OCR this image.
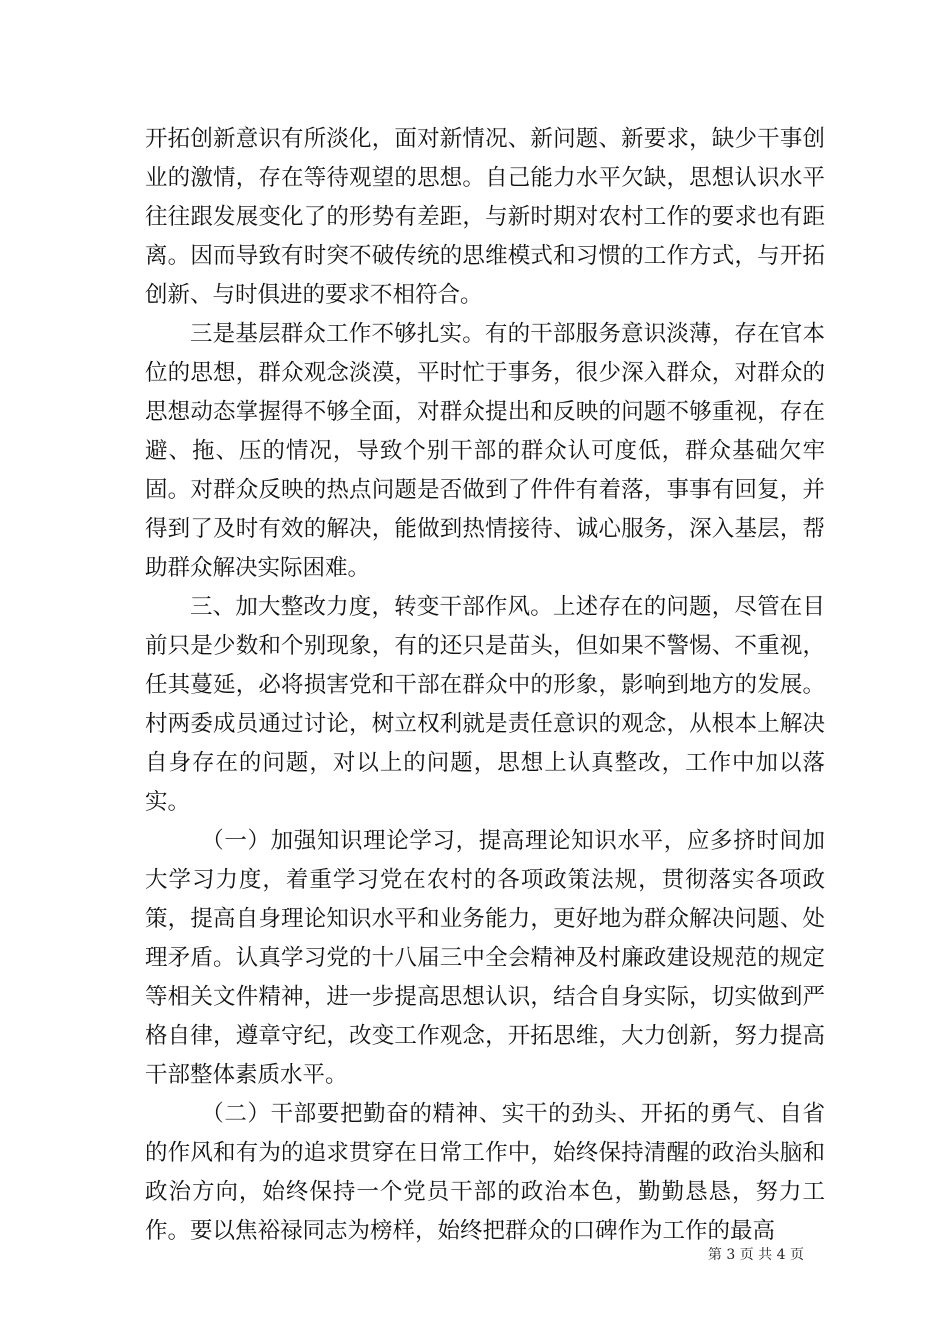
开拓创新意识有所淡化，面对新情况、新问题、新要求，缺少干事创业的激情，存在等待观望的思想。自己能力水平欠缺，思想认识水平往往跟发展变化了的形势有差距，与新时期对农村工作的要求也有距离。因而导致有时突不破传统的思维模式和习惯的工作方式，与开拓创新、与时俱进的要求不相符合。

三是基层群众工作不够扎实。有的干部服务意识淡薄，存在官本位的思想，群众观念淡漠，平时忙于事务，很少深入群众，对群众的思想动态掌握得不够全面，对群众提出和反映的问题不够重视，存在避、拖、压的情况，导致个别干部的群众认可度低，群众基础欠牢固。对群众反映的热点问题是否做到了件件有着落，事事有回复，并得到了及时有效的解决，能做到热情接待、诚心服务，深入基层，帮助群众解决实际困难。

三、加大整改力度，转变干部作风。上述存在的问题，尽管在目前只是少数和个别现象，有的还只是苗头，但如果不警惕、不重视，任其蔓延，必将损害党和干部在群众中的形象，影响到地方的发展。村两委成员通过讨论，树立权利就是责任意识的观念，从根本上解决自身存在的问题，对以上的问题，思想上认真整改，工作中加以落实。

（一）加强知识理论学习，提高理论知识水平，应多挤时间加大学习力度，着重学习党在农村的各项政策法规，贯彻落实各项政策，提高自身理论知识水平和业务能力，更好地为群众解决问题、处理矛盾。认真学习党的十八届三中全会精神及村廉政建设规范的规定等相关文件精神，进一步提高思想认识，结合自身实际，切实做到严格自律，遵章守纪，改变工作观念，开拓思维，大力创新，努力提高干部整体素质水平。

（二）干部要把勤奋的精神、实干的劲头、开拓的勇气、自省的作风和有为的追求贯穿在日常工作中，始终保持清醒的政治头脑和政治方向，始终保持一个党员干部的政治本色，勤勤恳恳，努力工作。要以焦裕禄同志为榜样，始终把群众的口碑作为工作的最高

第 3 页 共 4 页
